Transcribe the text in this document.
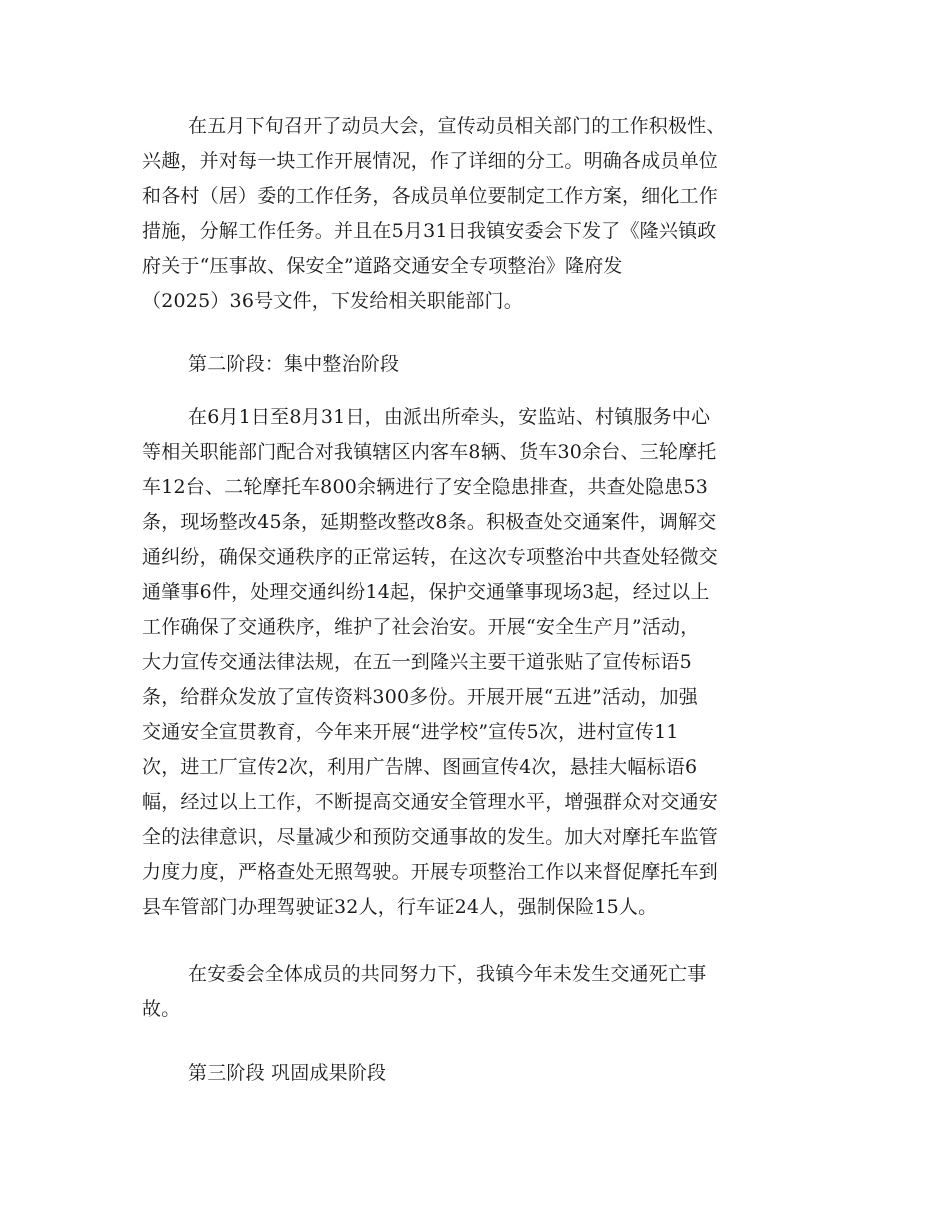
在五月下旬召开了动员大会，宣传动员相关部门的工作积极性、
兴趣，并对每一块工作开展情况，作了详细的分工。明确各成员单位
和各村（居）委的工作任务，各成员单位要制定工作方案，细化工作
措施，分解工作任务。并且在5月31日我镇安委会下发了《隆兴镇政
府关于“压事故、保安全”道路交通安全专项整治》隆府发
（2025）36号文件，下发给相关职能部门。
第二阶段：集中整治阶段
在6月1日至8月31日，由派出所牵头，安监站、村镇服务中心
等相关职能部门配合对我镇辖区内客车8辆、货车30余台、三轮摩托
车12台、二轮摩托车800余辆进行了安全隐患排查，共查处隐患53
条，现场整改45条，延期整改整改8条。积极查处交通案件，调解交
通纠纷，确保交通秩序的正常运转，在这次专项整治中共查处轻微交
通肇事6件，处理交通纠纷14起，保护交通肇事现场3起，经过以上
工作确保了交通秩序，维护了社会治安。开展“安全生产月”活动，
大力宣传交通法律法规，在五一到隆兴主要干道张贴了宣传标语5
条，给群众发放了宣传资料300多份。开展开展“五进”活动，加强
交通安全宣贯教育，今年来开展“进学校”宣传5次，进村宣传11
次，进工厂宣传2次，利用广告牌、图画宣传4次，悬挂大幅标语6
幅，经过以上工作，不断提高交通安全管理水平，增强群众对交通安
全的法律意识，尽量减少和预防交通事故的发生。加大对摩托车监管
力度力度，严格查处无照驾驶。开展专项整治工作以来督促摩托车到
县车管部门办理驾驶证32人，行车证24人，强制保险15人。
在安委会全体成员的共同努力下，我镇今年未发生交通死亡事
故。
第三阶段 巩固成果阶段
